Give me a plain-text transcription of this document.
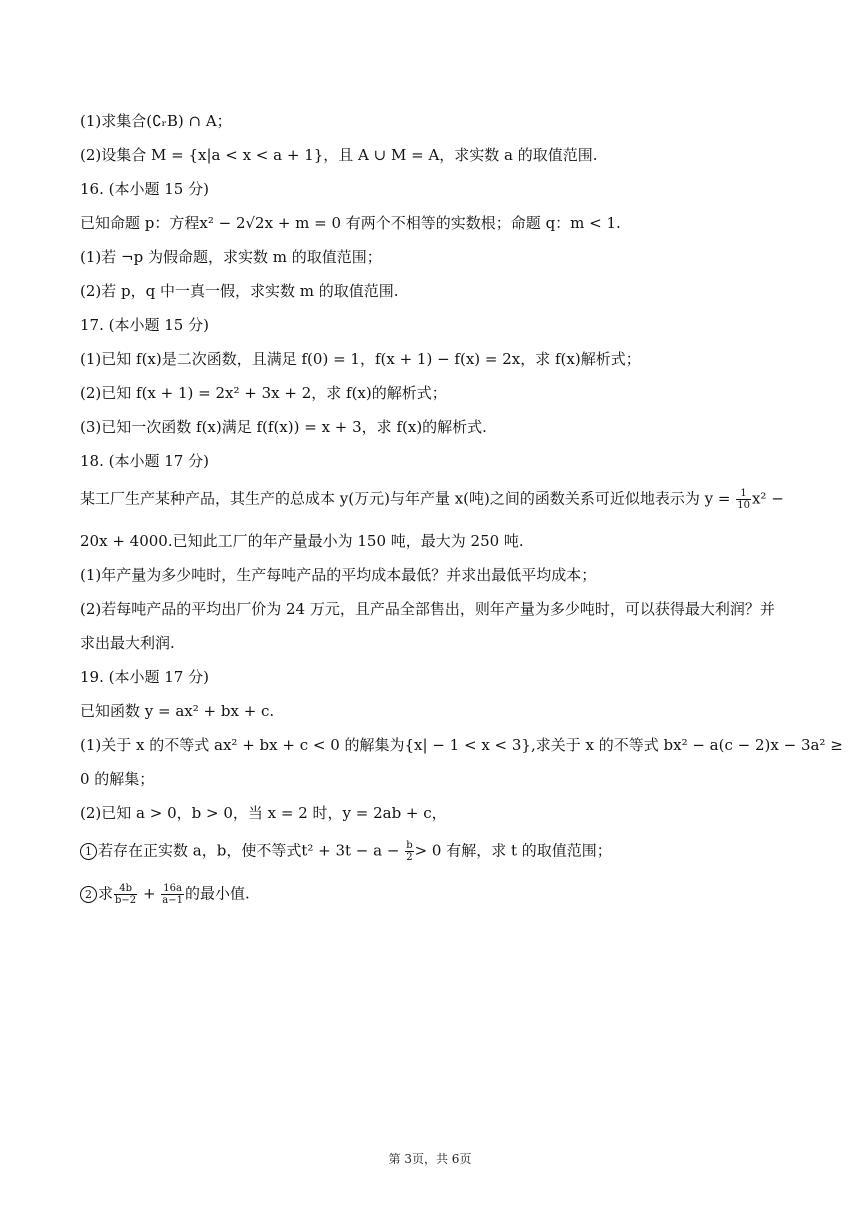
(1)求集合(∁ᵣB) ∩ A；
(2)设集合 M = {x|a < x < a + 1}，且 A ∪ M = A，求实数 a 的取值范围.
16. (本小题 15 分)
已知命题 p：方程x² − 2√2x + m = 0 有两个不相等的实数根；命题 q：m < 1.
(1)若 ¬p 为假命题，求实数 m 的取值范围；
(2)若 p，q 中一真一假，求实数 m 的取值范围.
17. (本小题 15 分)
(1)已知 f(x)是二次函数，且满足 f(0) = 1，f(x + 1) − f(x) = 2x，求 f(x)解析式；
(2)已知 f(x + 1) = 2x² + 3x + 2，求 f(x)的解析式；
(3)已知一次函数 f(x)满足 f(f(x)) = x + 3，求 f(x)的解析式.
18. (本小题 17 分)
某工厂生产某种产品，其生产的总成本 y(万元)与年产量 x(吨)之间的函数关系可近似地表示为 $y = \frac{1}{10} x^2$ −
20x + 4000.已知此工厂的年产量最小为 150 吨，最大为 250 吨.
(1)年产量为多少吨时，生产每吨产品的平均成本最低？并求出最低平均成本；
(2)若每吨产品的平均出厂价为 24 万元，且产品全部售出，则年产量为多少吨时，可以获得最大利润？并
求出最大利润.
19. (本小题 17 分)
已知函数 y = ax² + bx + c.
(1)关于 x 的不等式 ax² + bx + c < 0 的解集为{x| − 1 < x < 3},求关于 x 的不等式 bx² − a(c − 2)x − 3a² ≥
0 的解集；
(2)已知 a > 0，b > 0，当 x = 2 时，y = 2ab + c，
1 若存在正实数 a，b，使不等式$t^2 + 3t - a - \frac{b}{2} > 0$ 有解，求 t 的取值范围；
2 求 $\frac{4b}{b-2} + \frac{16a}{a-1}$ 的最小值.
第 3页，共 6页
